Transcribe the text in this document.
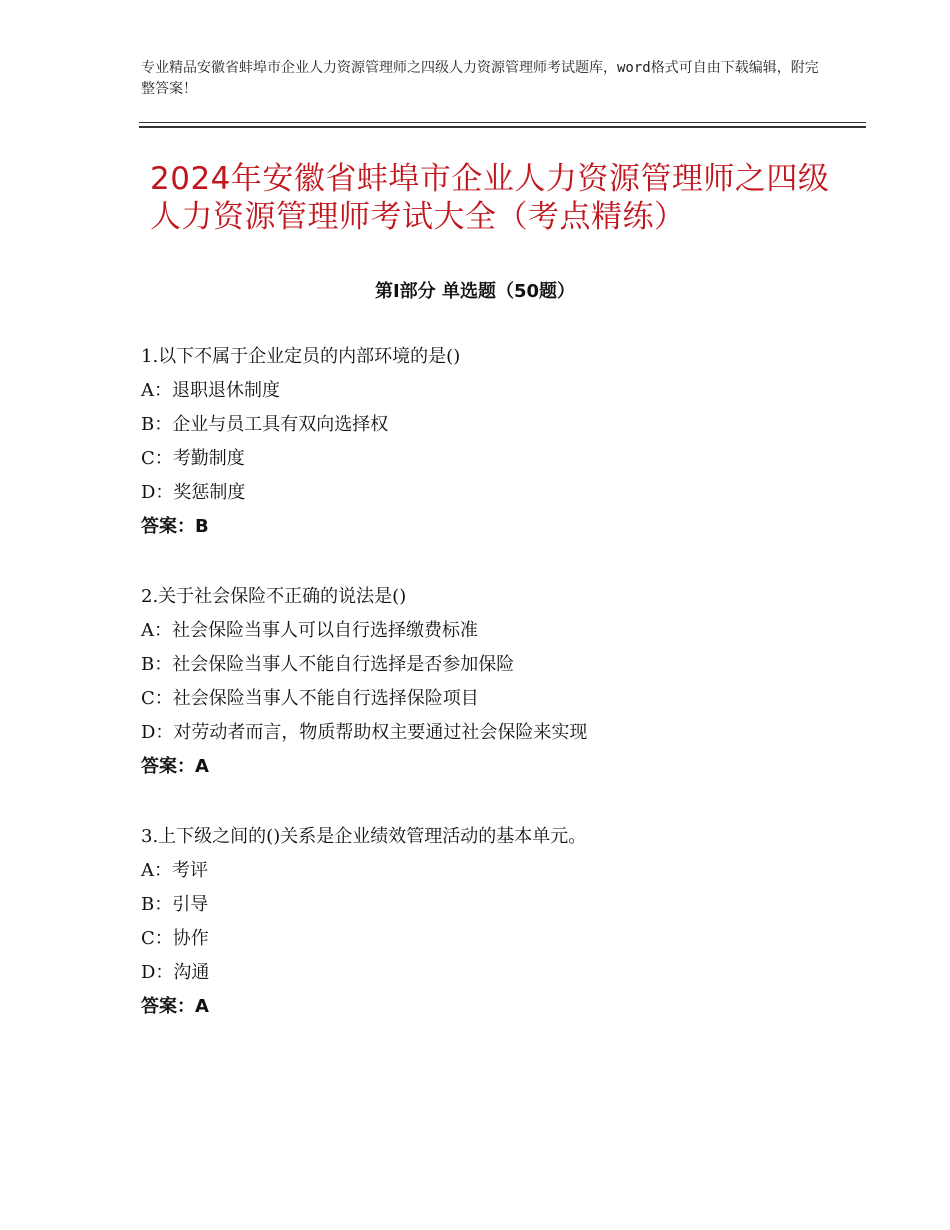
专业精品安徽省蚌埠市企业人力资源管理师之四级人力资源管理师考试题库，word格式可自由下载编辑，附完整答案！
2024年安徽省蚌埠市企业人力资源管理师之四级人力资源管理师考试大全（考点精练）
第Ⅰ部分 单选题（50题）
1.以下不属于企业定员的内部环境的是()
A：退职退休制度
B：企业与员工具有双向选择权
C：考勤制度
D：奖惩制度
答案：B
2.关于社会保险不正确的说法是()
A：社会保险当事人可以自行选择缴费标准
B：社会保险当事人不能自行选择是否参加保险
C：社会保险当事人不能自行选择保险项目
D：对劳动者而言，物质帮助权主要通过社会保险来实现
答案：A
3.上下级之间的()关系是企业绩效管理活动的基本单元。
A：考评
B：引导
C：协作
D：沟通
答案：A
